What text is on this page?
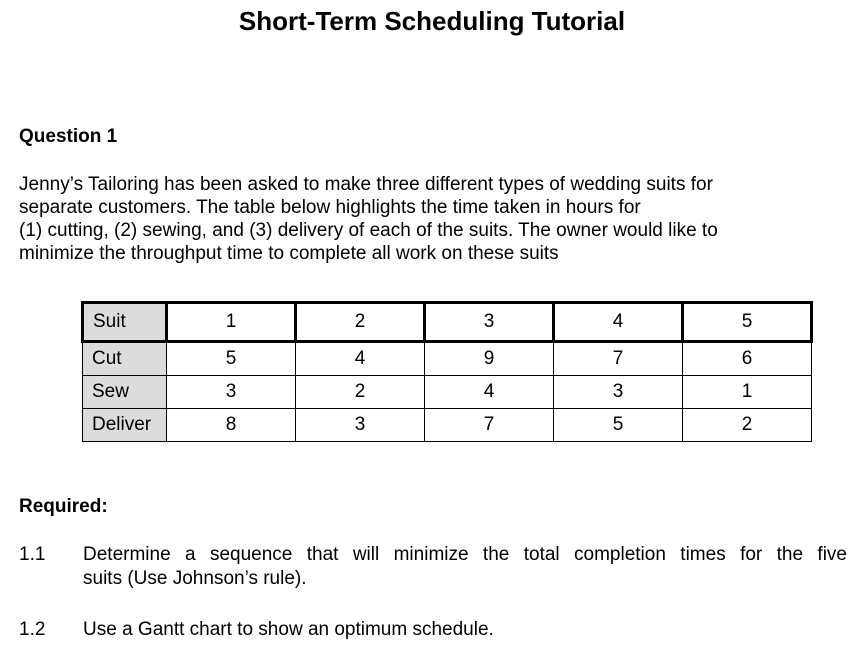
Short-Term Scheduling Tutorial
Question 1

Jenny’s Tailoring has been asked to make three different types of wedding suits for
separate customers. The table below highlights the time taken in hours for
(1) cutting, (2) sewing, and (3) delivery of each of the suits. The owner would like to
minimize the throughput time to complete all work on these suits

Suit	1	2	3	4	5
Cut	5	4	9	7	6
Sew	3	2	4	3	1
Deliver	8	3	7	5	2
Required:
1.1 Determine a sequence that will minimize the total completion times for the five
suits (Use Johnson’s rule).
1.2 Use a Gantt chart to show an optimum schedule.
